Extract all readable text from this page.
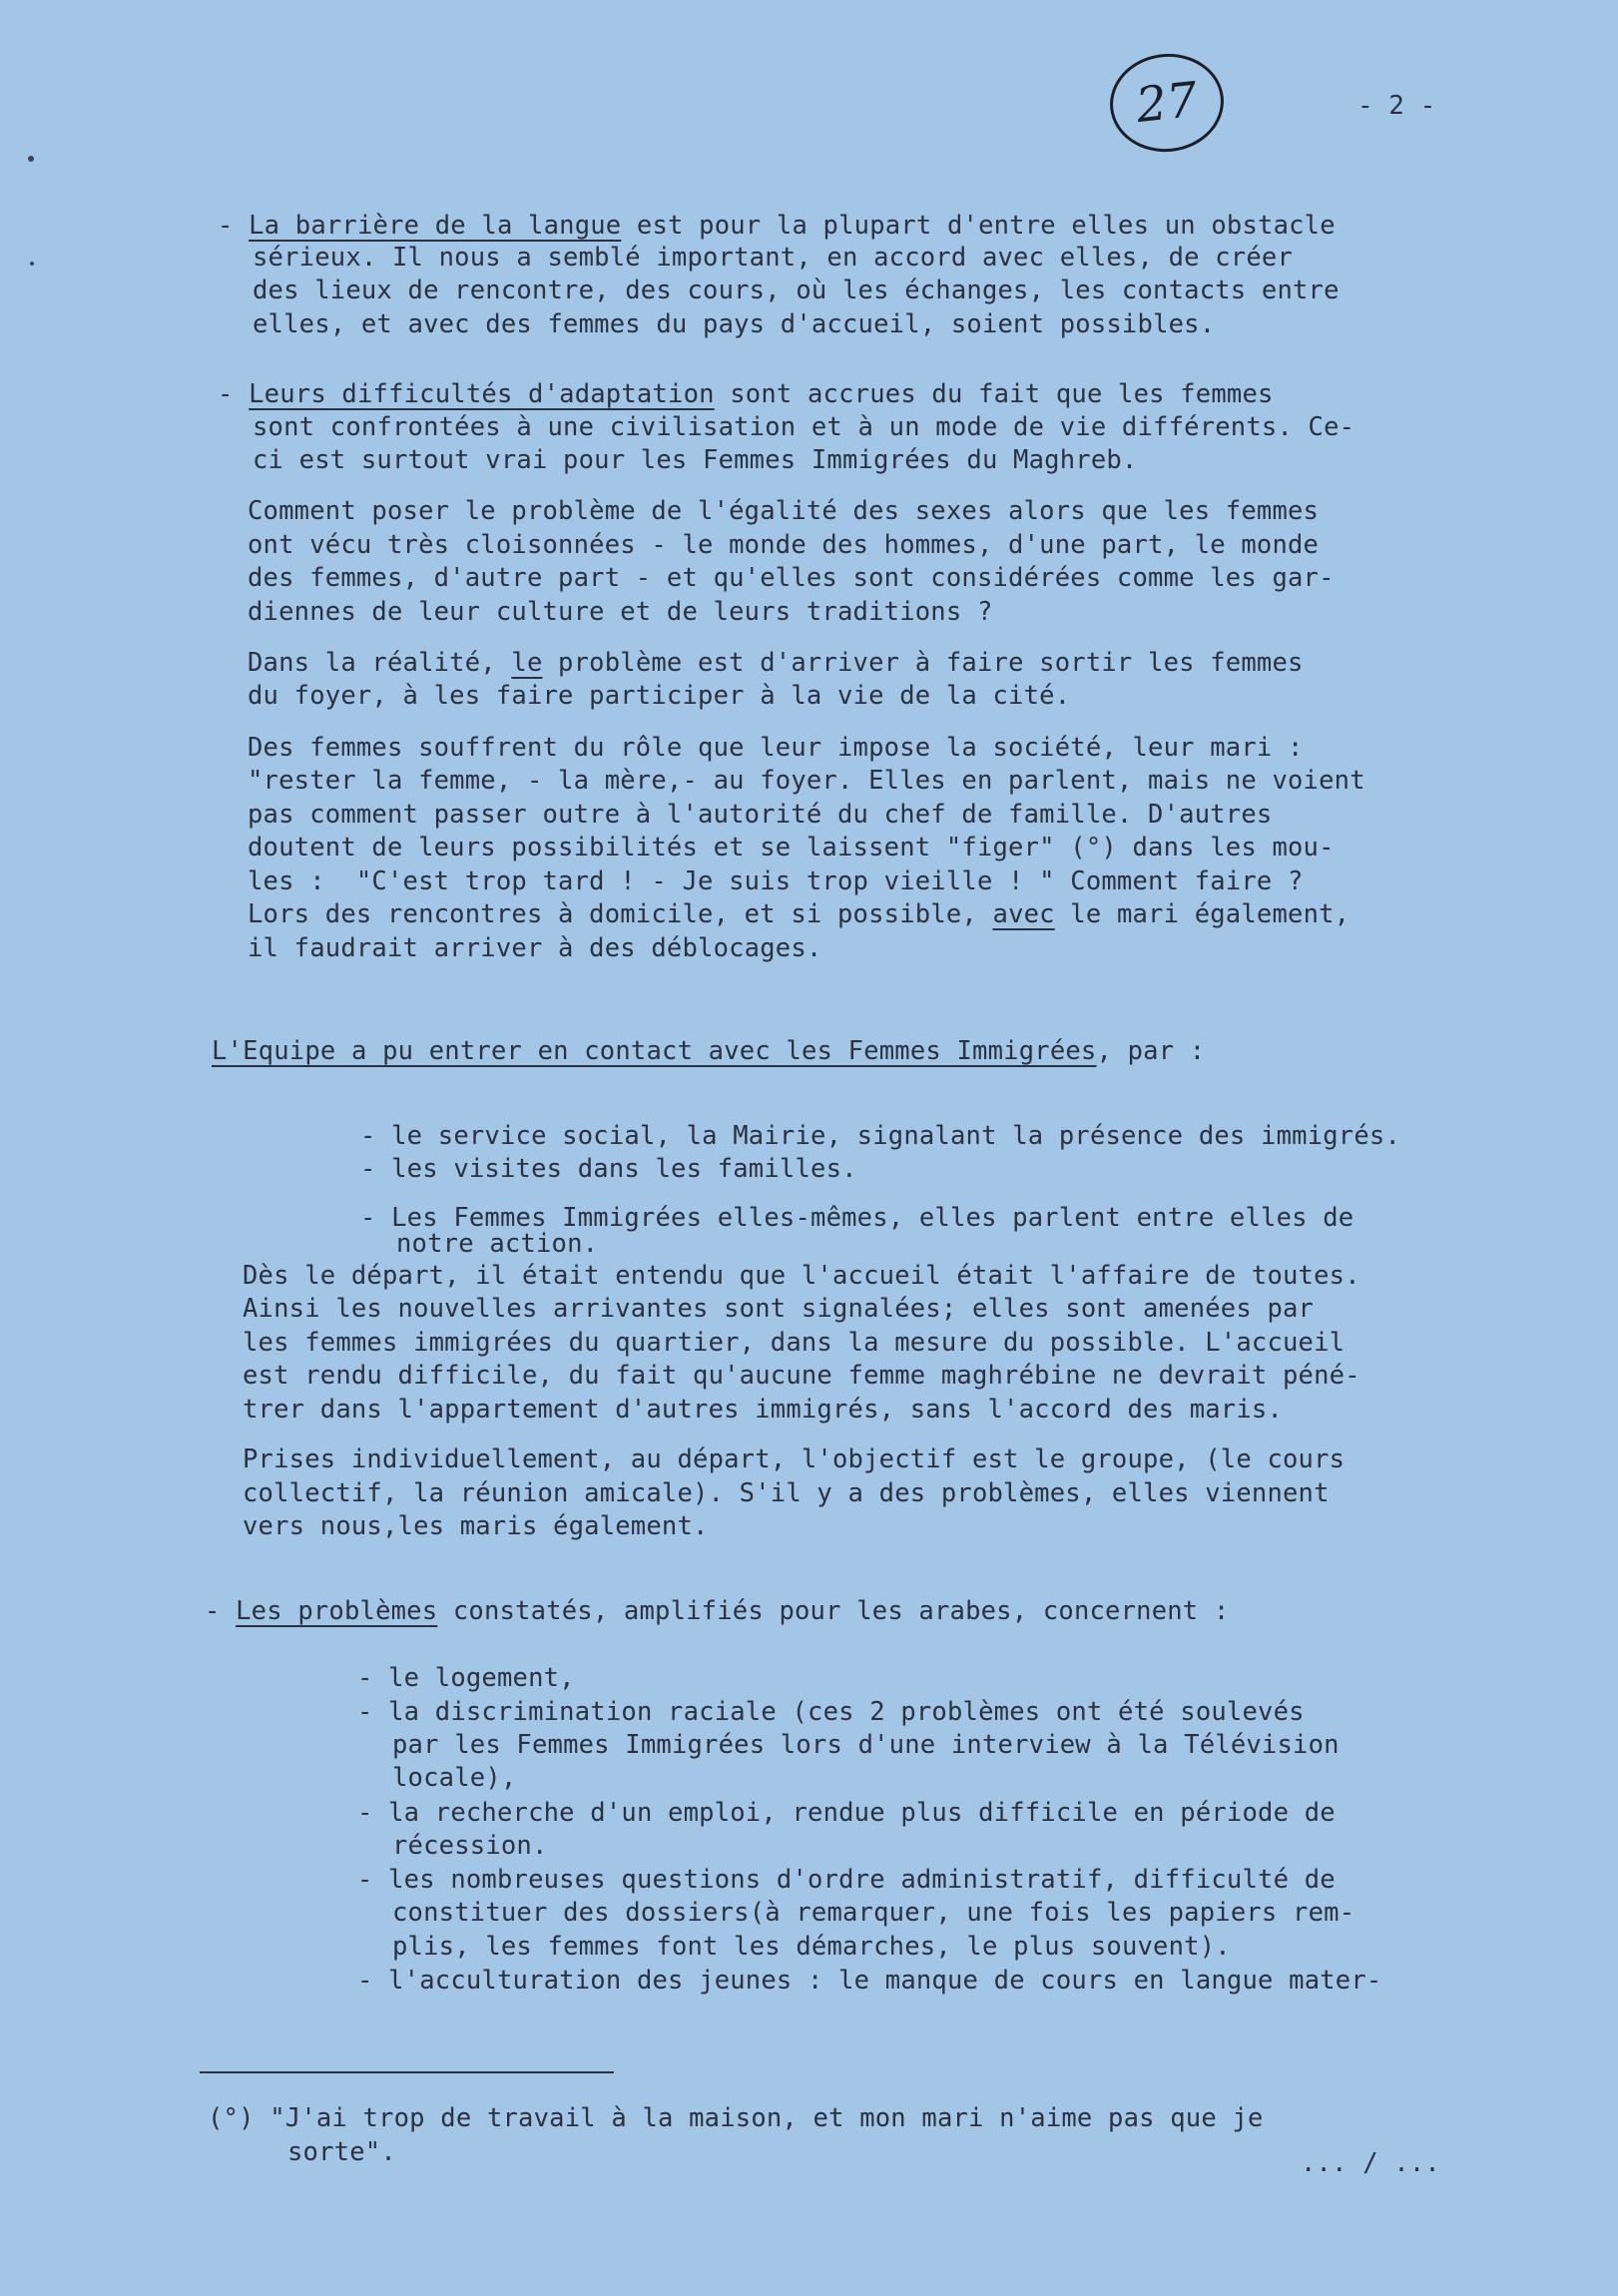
27	- 2 -
- La barrière de la langue est pour la plupart d'entre elles un obstacle
sérieux. Il nous a semblé important, en accord avec elles, de créer
des lieux de rencontre, des cours, où les échanges, les contacts entre
elles, et avec des femmes du pays d'accueil, soient possibles.
- Leurs difficultés d'adaptation sont accrues du fait que les femmes
sont confrontées à une civilisation et à un mode de vie différents. Ce-
ci est surtout vrai pour les Femmes Immigrées du Maghreb.
Comment poser le problème de l'égalité des sexes alors que les femmes
ont vécu très cloisonnées - le monde des hommes, d'une part, le monde
des femmes, d'autre part - et qu'elles sont considérées comme les gar-
diennes de leur culture et de leurs traditions ?
Dans la réalité, le problème est d'arriver à faire sortir les femmes
du foyer, à les faire participer à la vie de la cité.
Des femmes souffrent du rôle que leur impose la société, leur mari :
"rester la femme, - la mère,- au foyer. Elles en parlent, mais ne voient
pas comment passer outre à l'autorité du chef de famille. D'autres
doutent de leurs possibilités et se laissent "figer" (°) dans les mou-
les :  "C'est trop tard ! - Je suis trop vieille ! " Comment faire ?
Lors des rencontres à domicile, et si possible, avec le mari également,
il faudrait arriver à des déblocages.
L'Equipe a pu entrer en contact avec les Femmes Immigrées, par :
- le service social, la Mairie, signalant la présence des immigrés.
- les visites dans les familles.
- Les Femmes Immigrées elles-mêmes, elles parlent entre elles de
notre action.
Dès le départ, il était entendu que l'accueil était l'affaire de toutes.
Ainsi les nouvelles arrivantes sont signalées; elles sont amenées par
les femmes immigrées du quartier, dans la mesure du possible. L'accueil
est rendu difficile, du fait qu'aucune femme maghrébine ne devrait péné-
trer dans l'appartement d'autres immigrés, sans l'accord des maris.
Prises individuellement, au départ, l'objectif est le groupe, (le cours
collectif, la réunion amicale). S'il y a des problèmes, elles viennent
vers nous,les maris également.
- Les problèmes constatés, amplifiés pour les arabes, concernent :
- le logement,
- la discrimination raciale (ces 2 problèmes ont été soulevés
par les Femmes Immigrées lors d'une interview à la Télévision
locale),
- la recherche d'un emploi, rendue plus difficile en période de
récession.
- les nombreuses questions d'ordre administratif, difficulté de
constituer des dossiers(à remarquer, une fois les papiers rem-
plis, les femmes font les démarches, le plus souvent).
- l'acculturation des jeunes : le manque de cours en langue mater-
(°) "J'ai trop de travail à la maison, et mon mari n'aime pas que je
sorte".	... / ...
